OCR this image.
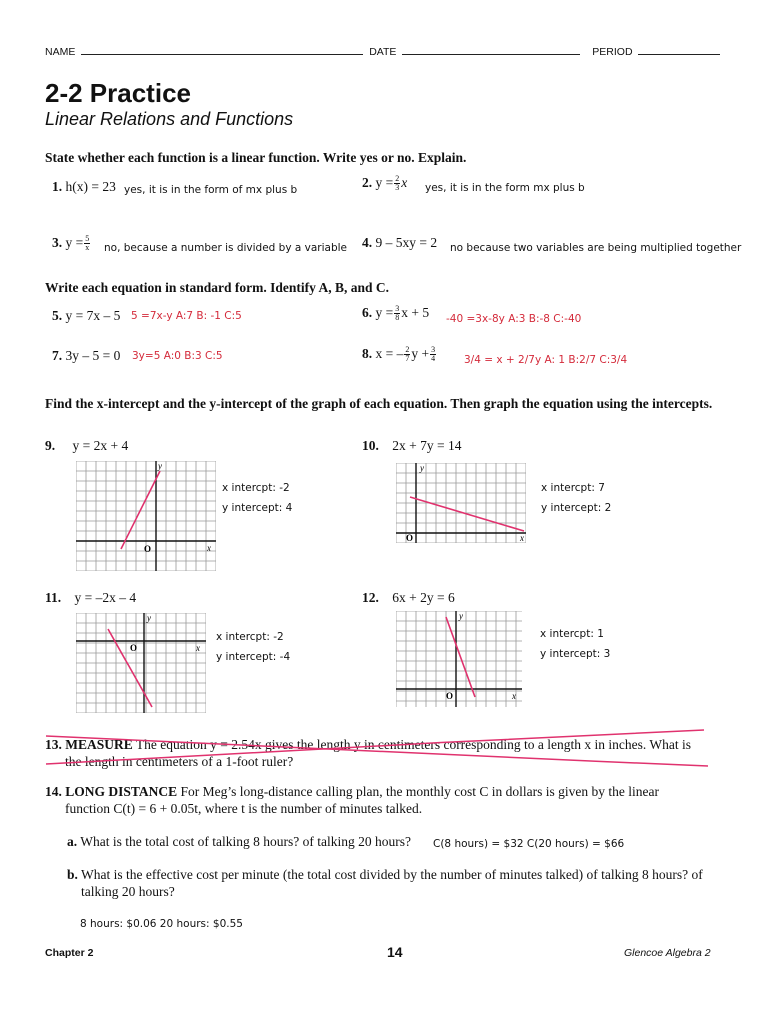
NAME	DATE	PERIOD
2-2 Practice
Linear Relations and Functions
State whether each function is a linear function. Write yes or no. Explain.
1. h(x) = 23 yes, it is in the form of mx plus b	2. $y = \frac{2}{3}$ x yes, it is in the form mx plus b
3. $y = \frac{5}{x}$ no, because a number is divided by a variable 4. 9 – 5xy = 2 no because two variables are being multiplied together
Write each equation in standard form. Identify A, B, and C.
5. y = 7x – 5 5 =7x-y A:7 B: -1 C:5	6. $y = \frac{3}{8}$ x + 5 -40 =3x-8y A:3 B:-8 C:-40
7. 3y – 5 = 0 3y=5 A:0 B:3 C:5	8. x = – $\frac{2}{7}$ $y + \frac{3}{4}$	3/4 = x + 2/7y A: 1 B:2/7 C:3/4
Find the x-intercept and the y-intercept of the graph of each equation. Then graph the equation using the intercepts.
9. y = 2x + 4	10. 2x + 7y = 14
11. y = –2x – 4	12. 6x + 2y = 6
O	x
y
x intercpt: -2
y intercept: 4
O	x
y
x intercpt: 7
y intercept: 2
O	x
y
x intercpt: -2
y intercept: -4
O	x
y
x intercpt: 1
y intercept: 3
13. MEASURE The equation y = 2.54x gives the length y in centimeters corresponding to a length x in inches. What is
the length in centimeters of a 1-foot ruler?
14. LONG DISTANCE For Meg’s long-distance calling plan, the monthly cost C in dollars is given by the linear
function C(t) = 6 + 0.05t, where t is the number of minutes talked.
a. What is the total cost of talking 8 hours? of talking 20 hours? C(8 hours) = $32 C(20 hours) = $66
b. What is the effective cost per minute (the total cost divided by the number of minutes talked) of talking 8 hours? of
talking 20 hours?
8 hours: $0.06 20 hours: $0.55
Chapter 2	14	Glencoe Algebra 2
